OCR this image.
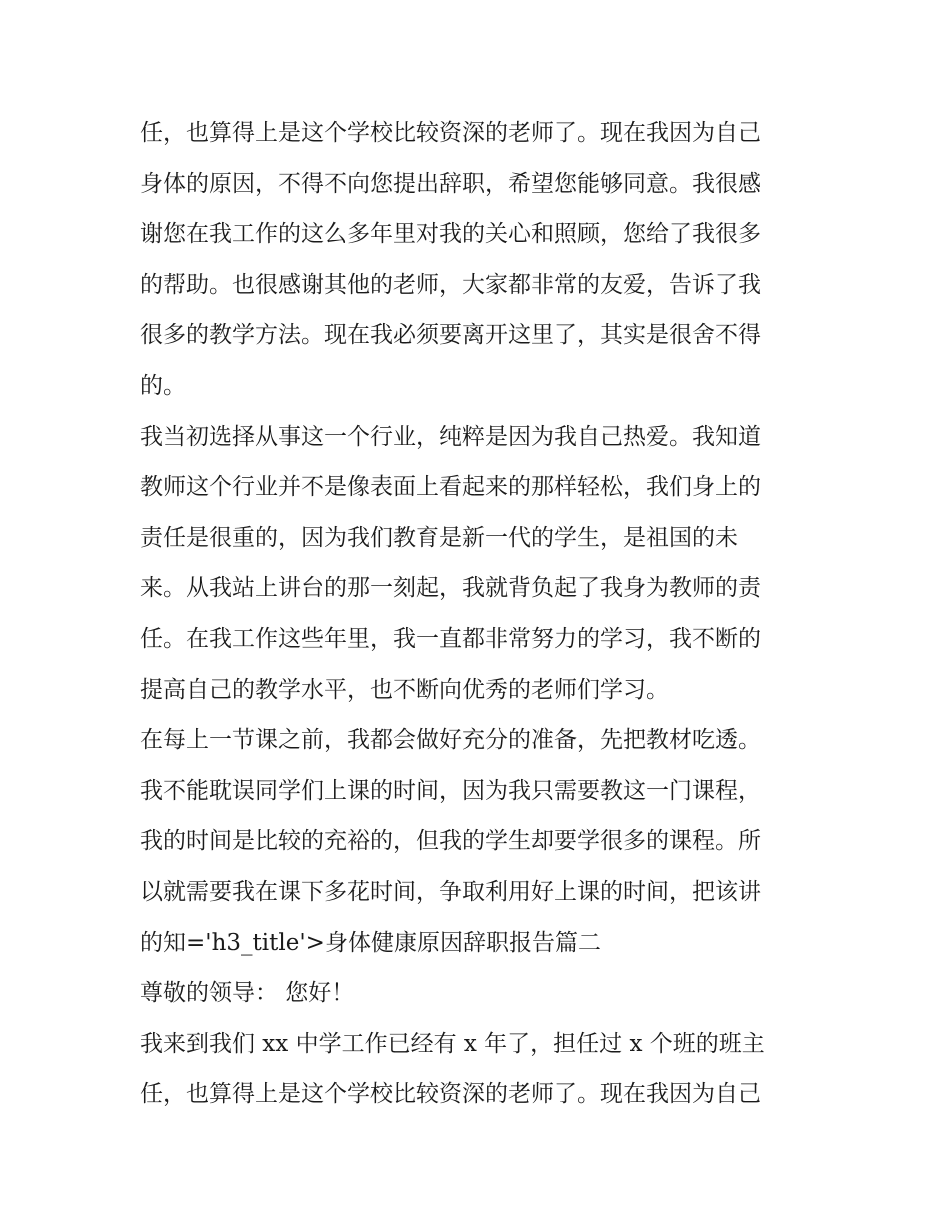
任，也算得上是这个学校比较资深的老师了。现在我因为自己
身体的原因，不得不向您提出辞职，希望您能够同意。我很感
谢您在我工作的这么多年里对我的关心和照顾，您给了我很多
的帮助。也很感谢其他的老师，大家都非常的友爱，告诉了我
很多的教学方法。现在我必须要离开这里了，其实是很舍不得
的。
我当初选择从事这一个行业，纯粹是因为我自己热爱。我知道
教师这个行业并不是像表面上看起来的那样轻松，我们身上的
责任是很重的，因为我们教育是新一代的学生，是祖国的未
来。从我站上讲台的那一刻起，我就背负起了我身为教师的责
任。在我工作这些年里，我一直都非常努力的学习，我不断的
提高自己的教学水平，也不断向优秀的老师们学习。
在每上一节课之前，我都会做好充分的准备，先把教材吃透。
我不能耽误同学们上课的时间，因为我只需要教这一门课程，
我的时间是比较的充裕的，但我的学生却要学很多的课程。所
以就需要我在课下多花时间，争取利用好上课的时间，把该讲
的知='h3_title'>身体健康原因辞职报告篇二
尊敬的领导： 您好！
我来到我们 xx 中学工作已经有 x 年了，担任过 x 个班的班主
任，也算得上是这个学校比较资深的老师了。现在我因为自己
